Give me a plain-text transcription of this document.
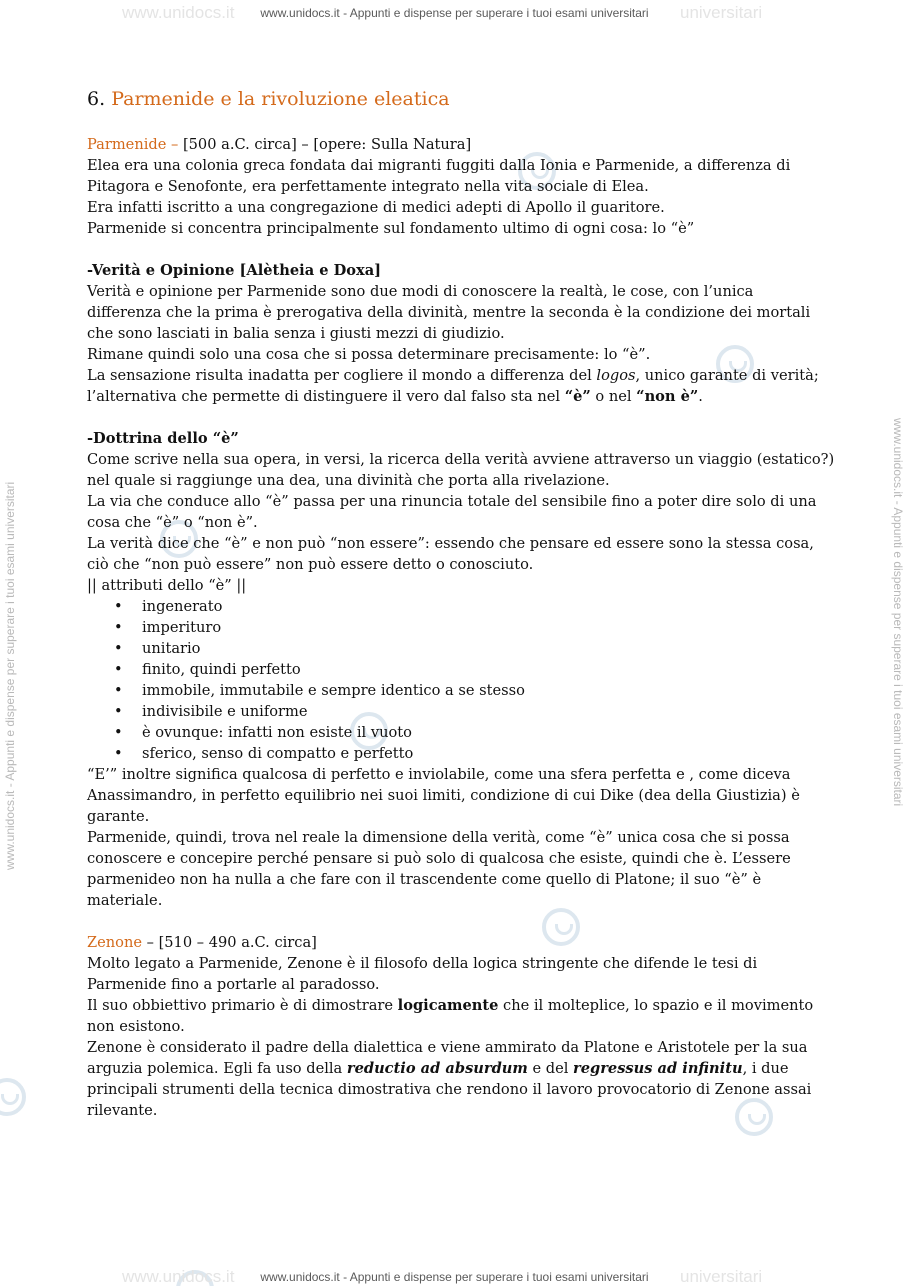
www.unidocs.it	universitari
www.unidocs.it - Appunti e dispense per superare i tuoi esami universitari
www.unidocs.it - Appunti e dispense per superare i tuoi esami universitari	www.unidocs.it - Appunti e dispense per superare i tuoi esami universitari
6. Parmenide e la rivoluzione eleatica

Parmenide – [500 a.C. circa] – [opere: Sulla Natura]

Elea era una colonia greca fondata dai migranti fuggiti dalla Ionia e Parmenide, a differenza di

Pitagora e Senofonte, era perfettamente integrato nella vita sociale di Elea.

Era infatti iscritto a una congregazione di medici adepti di Apollo il guaritore.

Parmenide si concentra principalmente sul fondamento ultimo di ogni cosa: lo “è”

-Verità e Opinione [Alètheia e Doxa]

Verità e opinione per Parmenide sono due modi di conoscere la realtà, le cose, con l’unica

differenza che la prima è prerogativa della divinità, mentre la seconda è la condizione dei mortali

che sono lasciati in balia senza i giusti mezzi di giudizio.

Rimane quindi solo una cosa che si possa determinare precisamente: lo “è”.

La sensazione risulta inadatta per cogliere il mondo a differenza del logos, unico garante di verità;

l’alternativa che permette di distinguere il vero dal falso sta nel “è” o nel “non è”.

-Dottrina dello “è”

Come scrive nella sua opera, in versi, la ricerca della verità avviene attraverso un viaggio (estatico?)

nel quale si raggiunge una dea, una divinità che porta alla rivelazione.

La via che conduce allo “è” passa per una rinuncia totale del sensibile fino a poter dire solo di una

cosa che “è” o “non è”.

La verità dice che “è” e non può “non essere”: essendo che pensare ed essere sono la stessa cosa,

ciò che “non può essere” non può essere detto o conosciuto.

|| attributi dello “è” ||

• ingenerato
• imperituro
• unitario
• finito, quindi perfetto
• immobile, immutabile e sempre identico a se stesso
• indivisibile e uniforme
• è ovunque: infatti non esiste il vuoto
• sferico, senso di compatto e perfetto

“E’” inoltre significa qualcosa di perfetto e inviolabile, come una sfera perfetta e , come diceva

Anassimandro, in perfetto equilibrio nei suoi limiti, condizione di cui Dike (dea della Giustizia) è

garante.

Parmenide, quindi, trova nel reale la dimensione della verità, come “è” unica cosa che si possa

conoscere e concepire perché pensare si può solo di qualcosa che esiste, quindi che è. L’essere

parmenideo non ha nulla a che fare con il trascendente come quello di Platone; il suo “è” è

materiale.

Zenone – [510 – 490 a.C. circa]

Molto legato a Parmenide, Zenone è il filosofo della logica stringente che difende le tesi di

Parmenide fino a portarle al paradosso.

Il suo obbiettivo primario è di dimostrare logicamente che il molteplice, lo spazio e il movimento

non esistono.

Zenone è considerato il padre della dialettica e viene ammirato da Platone e Aristotele per la sua

arguzia polemica. Egli fa uso della reductio ad absurdum e del regressus ad infinitu, i due

principali strumenti della tecnica dimostrativa che rendono il lavoro provocatorio di Zenone assai

rilevante.

www.unidocs.it	universitari
www.unidocs.it - Appunti e dispense per superare i tuoi esami universitari
